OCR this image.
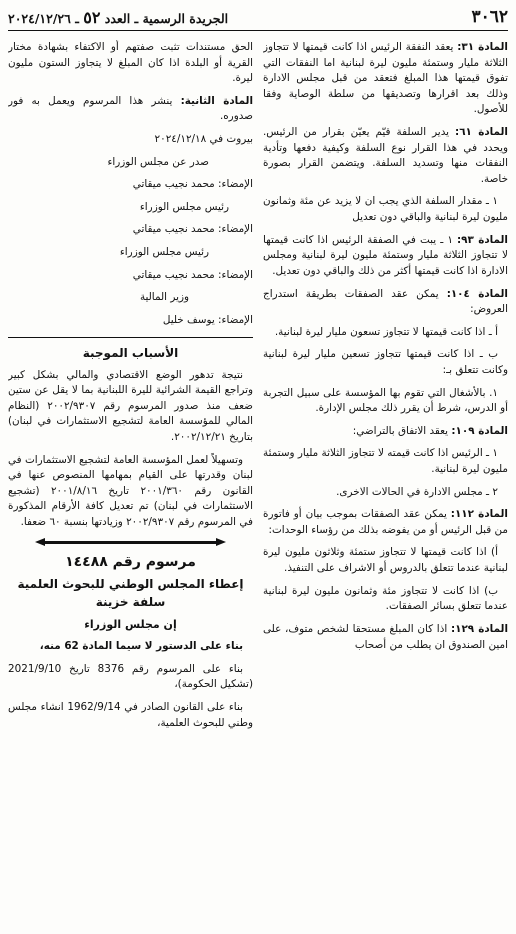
٣٠٦٢
الجريدة الرسمية ـ العدد ٥٢ ـ ٢٠٢٤/١٢/٢٦

المادة ٣١: يعقد النفقة الرئيس اذا كانت قيمتها لا تتجاوز الثلاثة مليار وستمئة مليون ليرة لبنانية اما النفقات التي تفوق قيمتها هذا المبلغ فتعقد من قبل مجلس الادارة وذلك بعد اقرارها وتصديقها من سلطة الوصاية وفقا للأصول.

المادة ٦١: يدير السلفة قيّم يعيّن بقرار من الرئيس. ويحدد في هذا القرار نوع السلفة وكيفية دفعها وتأدية النفقات منها وتسديد السلفة. ويتضمن القرار بصورة خاصة.

١ ـ مقدار السلفة الذي يجب ان لا يزيد عن مئة وثمانون مليون ليرة لبنانية والباقي دون تعديل

المادة ٩٣: ١ ـ يبت في الصفقة الرئيس اذا كانت قيمتها لا تتجاوز الثلاثة مليار وستمئة مليون ليرة لبنانية ومجلس الادارة اذا كانت قيمتها أكثر من ذلك والباقي دون تعديل.

المادة ١٠٤: يمكن عقد الصفقات بطريقة استدراج العروض:

أ ـ اذا كانت قيمتها لا تتجاوز تسعون مليار ليرة لبنانية.

ب ـ اذا كانت قيمتها تتجاوز تسعين مليار ليرة لبنانية وكانت تتعلق بـ:

١. بالأشغال التي تقوم بها المؤسسة على سبيل التجربة أو الدرس، شرط أن يقرر ذلك مجلس الإدارة.

المادة ١٠٩: يعقد الاتفاق بالتراضي:

١ ـ الرئيس اذا كانت قيمته لا تتجاوز الثلاثة مليار وستمئة مليون ليرة لبنانية.

٢ ـ مجلس الادارة في الحالات الاخرى.

المادة ١١٢: يمكن عقد الصفقات بموجب بيان أو فاتورة من قبل الرئيس أو من يفوضه بذلك من رؤساء الوحدات:

أ) اذا كانت قيمتها لا تتجاوز ستمئة وثلاثون مليون ليرة لبنانية عندما تتعلق بالدروس أو الاشراف على التنفيذ.

ب) اذا كانت لا تتجاوز مئة وثمانون مليون ليرة لبنانية عندما تتعلق بسائر الصفقات.

المادة ١٢٩: اذا كان المبلغ مستحقا لشخص متوف، على امين الصندوق ان يطلب من أصحاب

الحق مستندات تثبت صفتهم أو الاكتفاء بشهادة مختار القرية أو البلدة اذا كان المبلغ لا يتجاوز الستون مليون ليرة.

المادة الثانية: ينشر هذا المرسوم ويعمل به فور صدوره.

بيروت في ٢٠٢٤/١٢/١٨

صدر عن مجلس الوزراء

الإمضاء: محمد نجيب ميقاتي

رئيس مجلس الوزراء

الإمضاء: محمد نجيب ميقاتي

رئيس مجلس الوزراء

الإمضاء: محمد نجيب ميقاتي

وزير المالية

الإمضاء: يوسف خليل

الأسباب الموجبة

نتيجة تدهور الوضع الاقتصادي والمالي بشكل كبير وتراجع القيمة الشرائية لليرة اللبنانية بما لا يقل عن ستين ضعف منذ صدور المرسوم رقم ٢٠٠٢/٩٣٠٧ (النظام المالي للمؤسسة العامة لتشجيع الاستثمارات في لبنان) بتاريخ ٢٠٠٢/١٢/٢١.

وتسهيلاً لعمل المؤسسة العامة لتشجيع الاستثمارات في لبنان وقدرتها على القيام بمهامها المنصوص عنها في القانون رقم ٢٠٠١/٣٦٠ تاريخ ٢٠٠١/٨/١٦ (تشجيع الاستثمارات في لبنان) تم تعديل كافة الأرقام المذكورة في المرسوم رقم ٢٠٠٢/٩٣٠٧ وزيادتها بنسبة ٦٠ ضعفا.

مرسوم رقم ١٤٤٨٨
إعطاء المجلس الوطني للبحوث العلمية
سلفة خزينة
إن مجلس الوزراء

بناء على الدستور لا سيما المادة 62 منه،

بناء على المرسوم رقم 8376 تاريخ 2021/9/10 (تشكيل الحكومة)،

بناء على القانون الصادر في 1962/9/14 انشاء مجلس وطني للبحوث العلمية،
